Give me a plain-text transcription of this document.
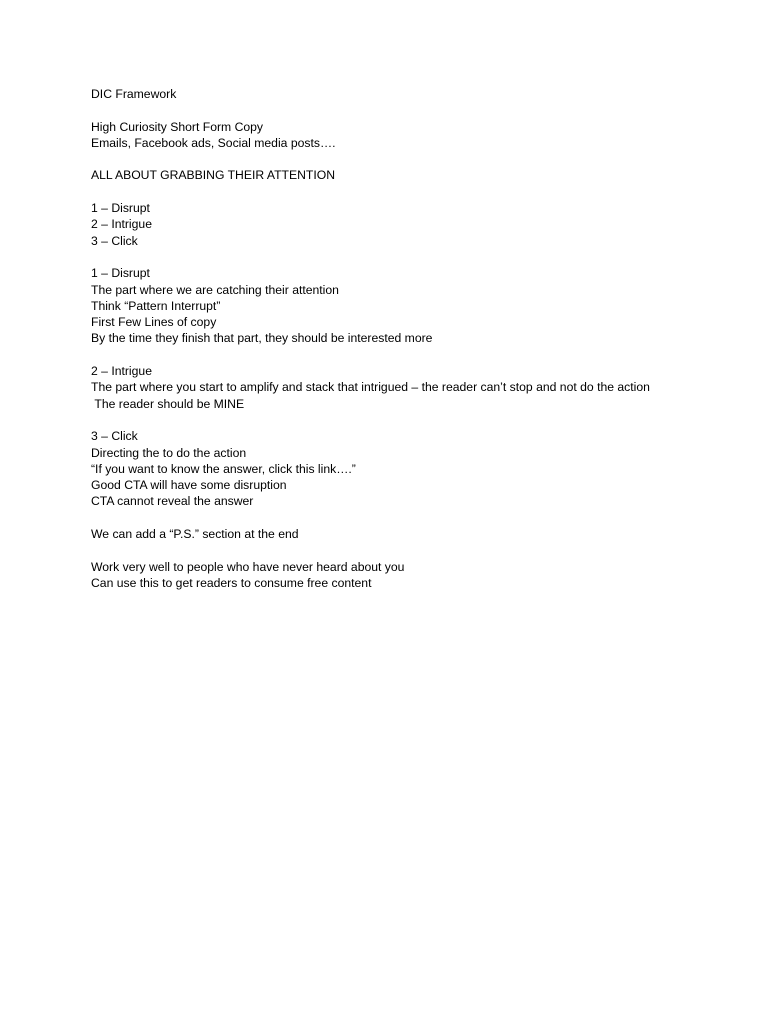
DIC Framework
High Curiosity Short Form Copy
Emails, Facebook ads, Social media posts….
ALL ABOUT GRABBING THEIR ATTENTION
1 – Disrupt
2 – Intrigue
3 – Click
1 – Disrupt
The part where we are catching their attention
Think “Pattern Interrupt”
First Few Lines of copy
By the time they finish that part, they should be interested more
2 – Intrigue
The part where you start to amplify and stack that intrigued – the reader can’t stop and not do the action
The reader should be MINE
3 – Click
Directing the to do the action
“If you want to know the answer, click this link….”
Good CTA will have some disruption
CTA cannot reveal the answer
We can add a “P.S.” section at the end
Work very well to people who have never heard about you
Can use this to get readers to consume free content
